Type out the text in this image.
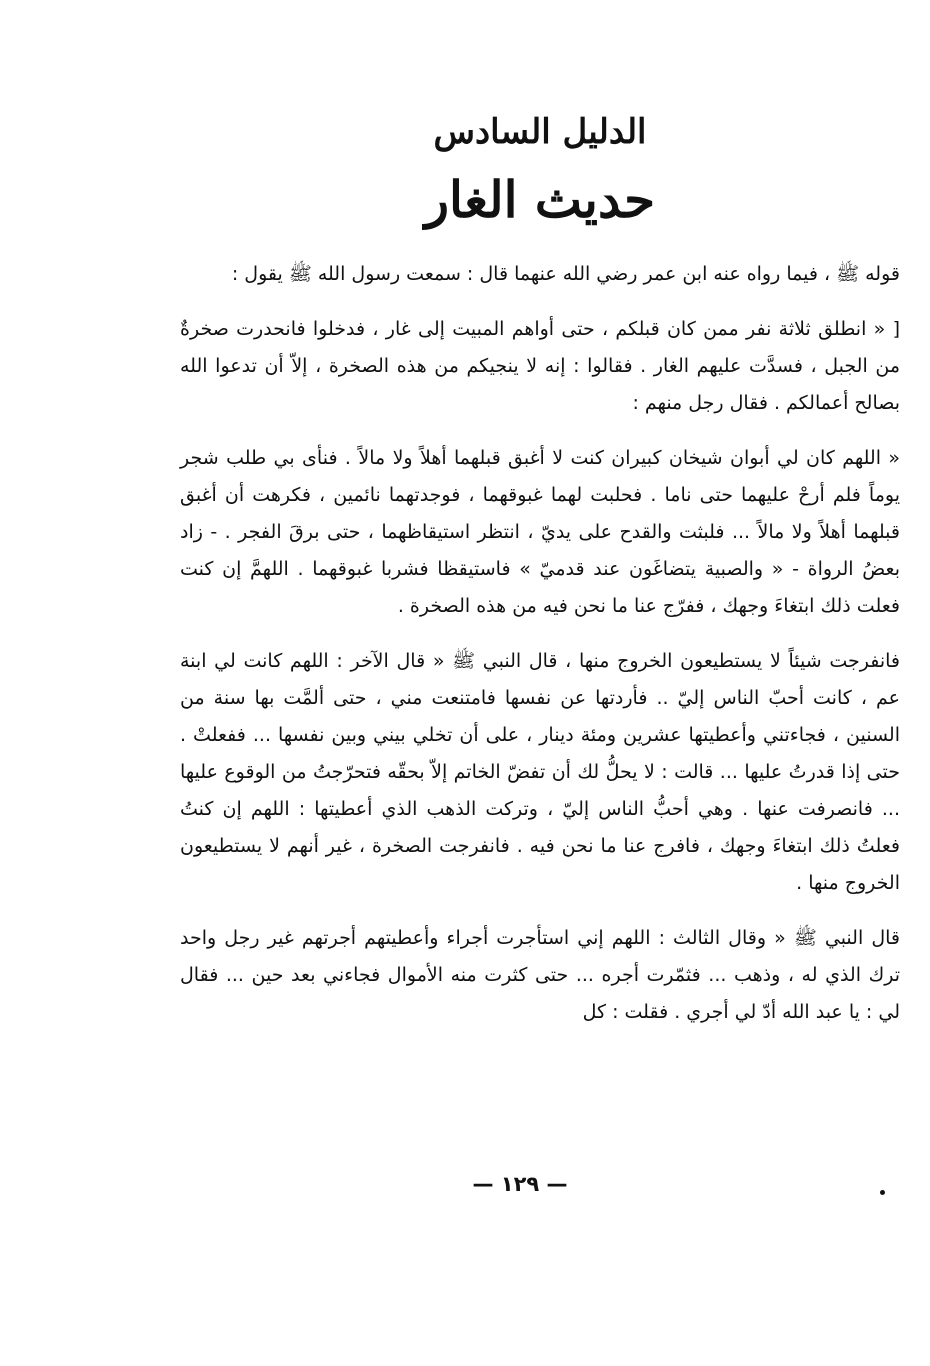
الدليل السادس
حديث الغار

قوله ﷺ ، فيما رواه عنه ابن عمر رضي الله عنهما قال : سمعت رسول الله ﷺ يقول :

[ « انطلق ثلاثة نفر ممن كان قبلكم ، حتى أواهم المبيت إلى غار ، فدخلوا فانحدرت صخرةٌ من الجبل ، فسدَّت عليهم الغار . فقالوا : إنه لا ينجيكم من هذه الصخرة ، إلاّ أن تدعوا الله بصالح أعمالكم . فقال رجل منهم :

« اللهم كان لي أبوان شيخان كبيران كنت لا أغبق قبلهما أهلاً ولا مالاً . فنأى بي طلب شجر يوماً فلم أرحْ عليهما حتى ناما . فحلبت لهما غبوقهما ، فوجدتهما نائمين ، فكرهت أن أغبق قبلهما أهلاً ولا مالاً ... فلبثت والقدح على يديّ ، انتظر استيقاظهما ، حتى برقَ الفجر . - زاد بعضُ الرواة - « والصبية يتضاغَون عند قدميّ » فاستيقظا فشربا غبوقهما . اللهمَّ إن كنت فعلت ذلك ابتغاءَ وجهك ، ففرّج عنا ما نحن فيه من هذه الصخرة .

فانفرجت شيئاً لا يستطيعون الخروج منها ، قال النبي ﷺ « قال الآخر : اللهم كانت لي ابنة عم ، كانت أحبّ الناس إليّ .. فأردتها عن نفسها فامتنعت مني ، حتى ألمَّت بها سنة من السنين ، فجاءتني وأعطيتها عشرين ومئة دينار ، على أن تخلي بيني وبين نفسها ... ففعلتْ . حتى إذا قدرتُ عليها ... قالت : لا يحلُّ لك أن تفضّ الخاتم إلاّ بحقّه فتحرّجتُ من الوقوع عليها ... فانصرفت عنها . وهي أحبُّ الناس إليّ ، وتركت الذهب الذي أعطيتها : اللهم إن كنتُ فعلتُ ذلك ابتغاءَ وجهك ، فافرج عنا ما نحن فيه . فانفرجت الصخرة ، غير أنهم لا يستطيعون الخروج منها .

قال النبي ﷺ « وقال الثالث : اللهم إني استأجرت أجراء وأعطيتهم أجرتهم غير رجل واحد ترك الذي له ، وذهب ... فثمّرت أجره ... حتى كثرت منه الأموال فجاءني بعد حين ... فقال لي : يا عبد الله أدّ لي أجري . فقلت : كل

— ١٢٩ —
